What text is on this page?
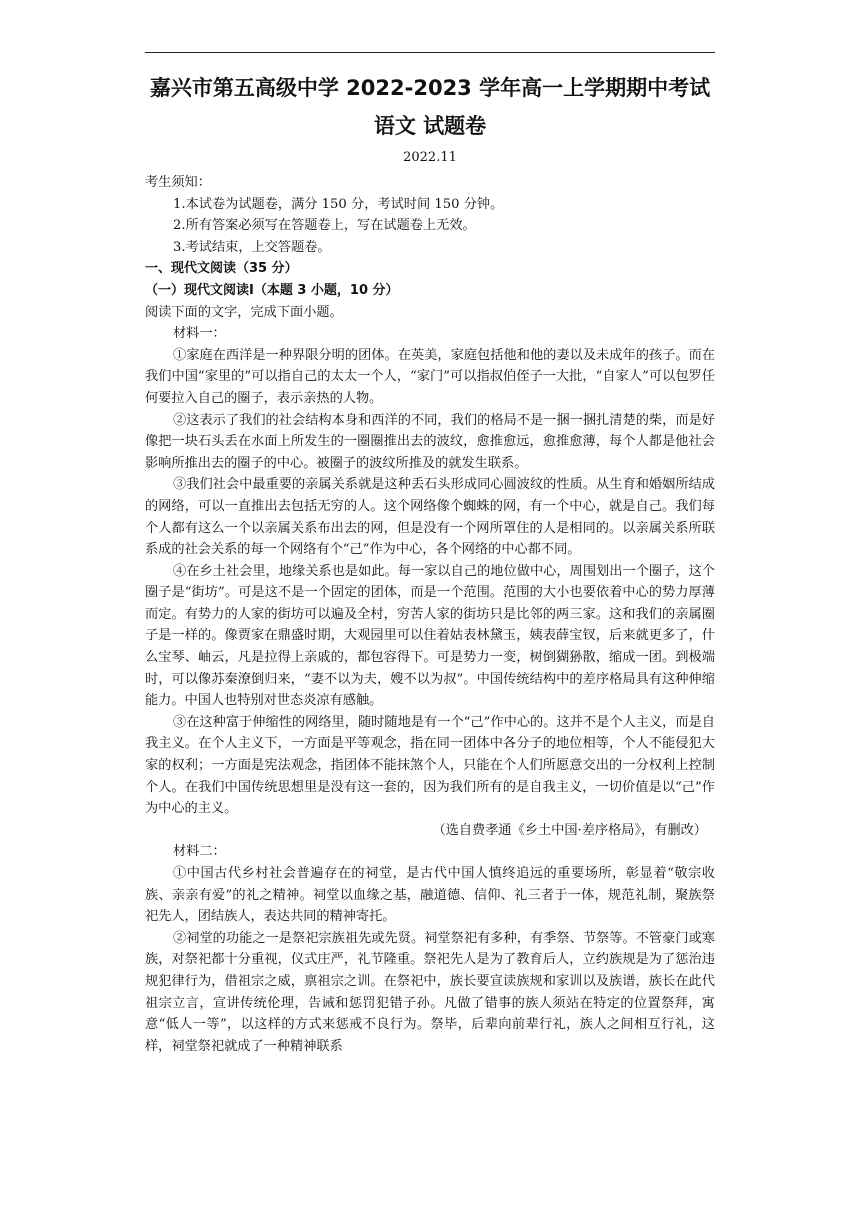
嘉兴市第五高级中学 2022-2023 学年高一上学期期中考试
语文 试题卷
2022.11

考生须知：

1.本试卷为试题卷，满分 150 分，考试时间 150 分钟。

2.所有答案必须写在答题卷上，写在试题卷上无效。

3.考试结束，上交答题卷。

一、现代文阅读（35 分）

（一）现代文阅读Ⅰ（本题 3 小题，10 分）

阅读下面的文字，完成下面小题。

材料一：

①家庭在西洋是一种界限分明的团体。在英美，家庭包括他和他的妻以及未成年的孩子。而在我们中国“家里的”可以指自己的太太一个人，“家门”可以指叔伯侄子一大批，“自家人”可以包罗任何要拉入自己的圈子，表示亲热的人物。

②这表示了我们的社会结构本身和西洋的不同，我们的格局不是一捆一捆扎清楚的柴，而是好像把一块石头丢在水面上所发生的一圈圈推出去的波纹，愈推愈远，愈推愈薄，每个人都是他社会影响所推出去的圈子的中心。被圈子的波纹所推及的就发生联系。

③我们社会中最重要的亲属关系就是这种丢石头形成同心圆波纹的性质。从生育和婚姻所结成的网络，可以一直推出去包括无穷的人。这个网络像个蜘蛛的网，有一个中心，就是自己。我们每个人都有这么一个以亲属关系布出去的网，但是没有一个网所罩住的人是相同的。以亲属关系所联系成的社会关系的每一个网络有个“己”作为中心，各个网络的中心都不同。

④在乡土社会里，地缘关系也是如此。每一家以自己的地位做中心，周围划出一个圈子，这个圈子是“街坊”。可是这不是一个固定的团体，而是一个范围。范围的大小也要依着中心的势力厚薄而定。有势力的人家的街坊可以遍及全村，穷苦人家的街坊只是比邻的两三家。这和我们的亲属圈子是一样的。像贾家在鼎盛时期，大观园里可以住着姑表林黛玉，姨表薛宝钗，后来就更多了，什么宝琴、岫云，凡是拉得上亲戚的，都包容得下。可是势力一变，树倒猢狲散，缩成一团。到极端时，可以像苏秦潦倒归来，“妻不以为夫，嫂不以为叔”。中国传统结构中的差序格局具有这种伸缩能力。中国人也特别对世态炎凉有感触。

③在这种富于伸缩性的网络里，随时随地是有一个“己”作中心的。这并不是个人主义，而是自我主义。在个人主义下，一方面是平等观念，指在同一团体中各分子的地位相等，个人不能侵犯大家的权利；一方面是宪法观念，指团体不能抹煞个人，只能在个人们所愿意交出的一分权利上控制个人。在我们中国传统思想里是没有这一套的，因为我们所有的是自我主义，一切价值是以“己”作为中心的主义。

（选自费孝通《乡土中国·差序格局》，有删改）

材料二：

①中国古代乡村社会普遍存在的祠堂，是古代中国人慎终追远的重要场所，彰显着“敬宗收族、亲亲有爱”的礼之精神。祠堂以血缘之基，融道德、信仰、礼三者于一体，规范礼制，聚族祭祀先人，团结族人，表达共同的精神寄托。

②祠堂的功能之一是祭祀宗族祖先或先贤。祠堂祭祀有多种，有季祭、节祭等。不管豪门或寒族，对祭祀都十分重视，仪式庄严，礼节隆重。祭祀先人是为了教育后人，立约族规是为了惩治违规犯律行为，借祖宗之威，禀祖宗之训。在祭祀中，族长要宣读族规和家训以及族谱，族长在此代祖宗立言，宣讲传统伦理，告诫和惩罚犯错子孙。凡做了错事的族人须站在特定的位置祭拜，寓意“低人一等”，以这样的方式来惩戒不良行为。祭毕，后辈向前辈行礼，族人之间相互行礼，这样，祠堂祭祀就成了一种精神联系
